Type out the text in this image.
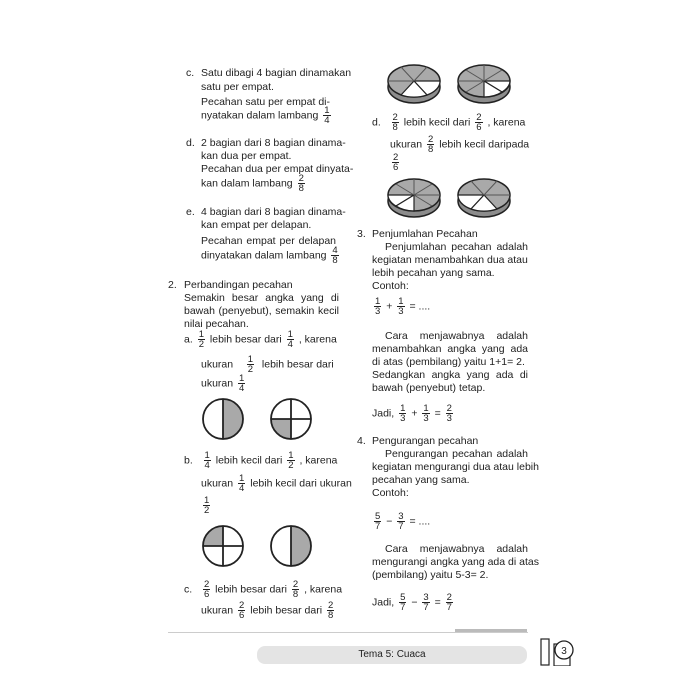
c. Satu dibagi 4 bagian dinamakan
satu per empat.
Pecahan satu per empat di-
nyatakan dalam lambang $\frac{1}{4}$
d. 2 bagian dari 8 bagian dinama-
kan dua per empat.
Pecahan dua per empat dinyata-
kan dalam lambang $\frac{2}{8}$
e. 4 bagian dari 8 bagian dinama-
kan empat per delapan.
Pecahan empat per delapan
dinyatakan dalam lambang $\frac{4}{8}$
2. Perbandingan pecahan
Semakin besar angka yang di
bawah (penyebut), semakin kecil
nilai pecahan.
a. $\frac{1}{2}$ lebih besar dari $\frac{1}{4}$ , karena
ukuran $\frac{1}{2}$ lebih besar dari
ukuran $\frac{1}{4}$
b. $\frac{1}{4}$ lebih kecil dari $\frac{1}{2}$ , karena
ukuran $\frac{1}{4}$ lebih kecil dari ukuran
$\frac{1}{2}$
c. $\frac{2}{6}$ lebih besar dari $\frac{2}{8}$ , karena
ukuran $\frac{2}{6}$ lebih besar dari $\frac{2}{8}$
d. $\frac{2}{8}$ lebih kecil dari $\frac{2}{6}$ , karena
ukuran $\frac{2}{8}$ lebih kecil daripada
$\frac{2}{6}$
3. Penjumlahan Pecahan
Penjumlahan pecahan adalah
kegiatan menambahkan dua atau
lebih pecahan yang sama.
Contoh:
$\frac{1}{3} + \frac{1}{3}$ = ....
Cara menjawabnya adalah
menambahkan angka yang ada
di atas (pembilang) yaitu 1+1= 2.
Sedangkan angka yang ada di
bawah (penyebut) tetap.
Jadi, $\frac{1}{3} + \frac{1}{3} = \frac{2}{3}$
4. Pengurangan pecahan
Pengurangan pecahan adalah
kegiatan mengurangi dua atau lebih
pecahan yang sama.
Contoh:
$\frac{5}{7} - \frac{3}{7}$ = ....
Cara menjawabnya adalah
mengurangi angka yang ada di atas
(pembilang) yaitu 5-3= 2.
Jadi, $\frac{5}{7} - \frac{3}{7} = \frac{2}{7}$
Tema 5: Cuaca	3
